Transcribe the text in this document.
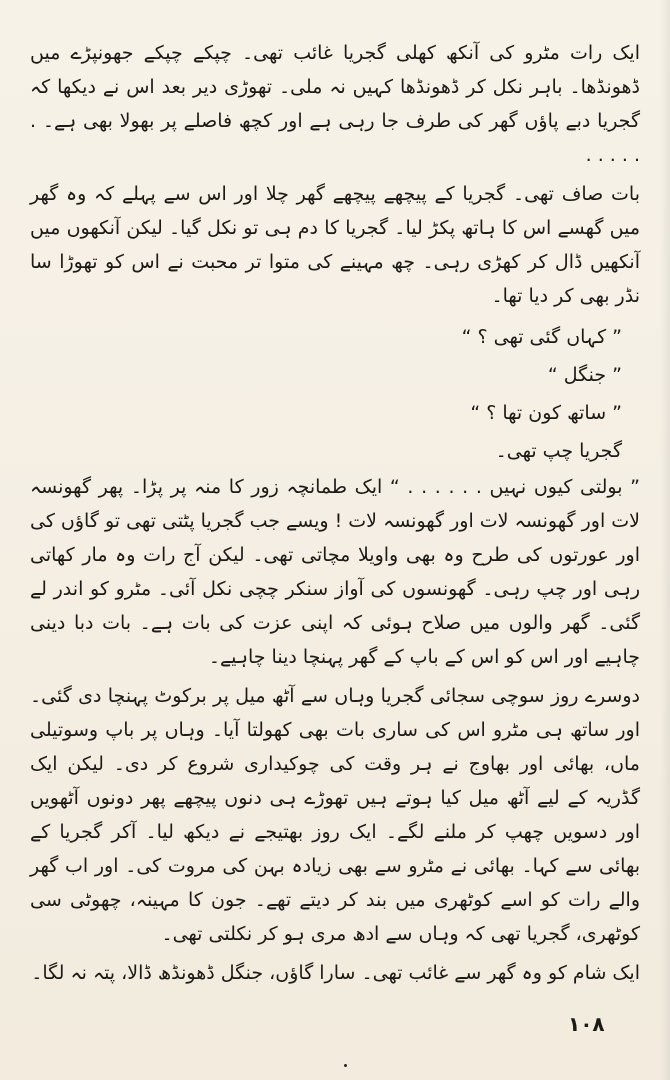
ایک رات مٹرو کی آنکھ کھلی گجریا غائب تھی۔ چپکے چپکے جھونپڑے میں ڈھونڈھا۔ باہر نکل کر ڈھونڈھا کہیں نہ ملی۔ تھوڑی دیر بعد اس نے دیکھا کہ گجریا دبے پاؤں گھر کی طرف جا رہی ہے اور کچھ فاصلے پر بھولا بھی ہے۔ . . . . . .

بات صاف تھی۔ گجریا کے پیچھے پیچھے گھر چلا اور اس سے پہلے کہ وہ گھر میں گھسے اس کا ہاتھ پکڑ لیا۔ گجریا کا دم ہی تو نکل گیا۔ لیکن آنکھوں میں آنکھیں ڈال کر کھڑی رہی۔ چھ مہینے کی متوا تر محبت نے اس کو تھوڑا سا نڈر بھی کر دیا تھا۔

” کہاں گئی تھی ؟ “

” جنگل “

” ساتھ کون تھا ؟ “

گجریا چپ تھی۔

” بولتی کیوں نہیں . . . . . . “ ایک طمانچہ زور کا منہ پر پڑا۔ پھر گھونسہ لات اور گھونسہ لات اور گھونسہ لات ! ویسے جب گجریا پٹتی تھی تو گاؤں کی اور عورتوں کی طرح وہ بھی واویلا مچاتی تھی۔ لیکن آج رات وہ مار کھاتی رہی اور چپ رہی۔ گھونسوں کی آواز سنکر چچی نکل آئی۔ مٹرو کو اندر لے گئی۔ گھر والوں میں صلاح ہوئی کہ اپنی عزت کی بات ہے۔ بات دبا دینی چاہیے اور اس کو اس کے باپ کے گھر پہنچا دینا چاہیے۔

دوسرے روز سوچی سجائی گجریا وہاں سے آٹھ میل پر برکوٹ پہنچا دی گئی۔ اور ساتھ ہی مٹرو اس کی ساری بات بھی کھولتا آیا۔ وہاں پر باپ وسوتیلی ماں، بھائی اور بھاوج نے ہر وقت کی چوکیداری شروع کر دی۔ لیکن ایک گڈریہ کے لیے آٹھ میل کیا ہوتے ہیں تھوڑے ہی دنوں پیچھے پھر دونوں آٹھویں اور دسویں چھپ کر ملنے لگے۔ ایک روز بھتیجے نے دیکھ لیا۔ آکر گجریا کے بھائی سے کہا۔ بھائی نے مٹرو سے بھی زیادہ بہن کی مروت کی۔ اور اب گھر والے رات کو اسے کوٹھری میں بند کر دیتے تھے۔ جون کا مہینہ، چھوٹی سی کوٹھری، گجریا تھی کہ وہاں سے ادھ مری ہو کر نکلتی تھی۔

ایک شام کو وہ گھر سے غائب تھی۔ سارا گاؤں، جنگل ڈھونڈھ ڈالا، پتہ نہ لگا۔

١٠٨
